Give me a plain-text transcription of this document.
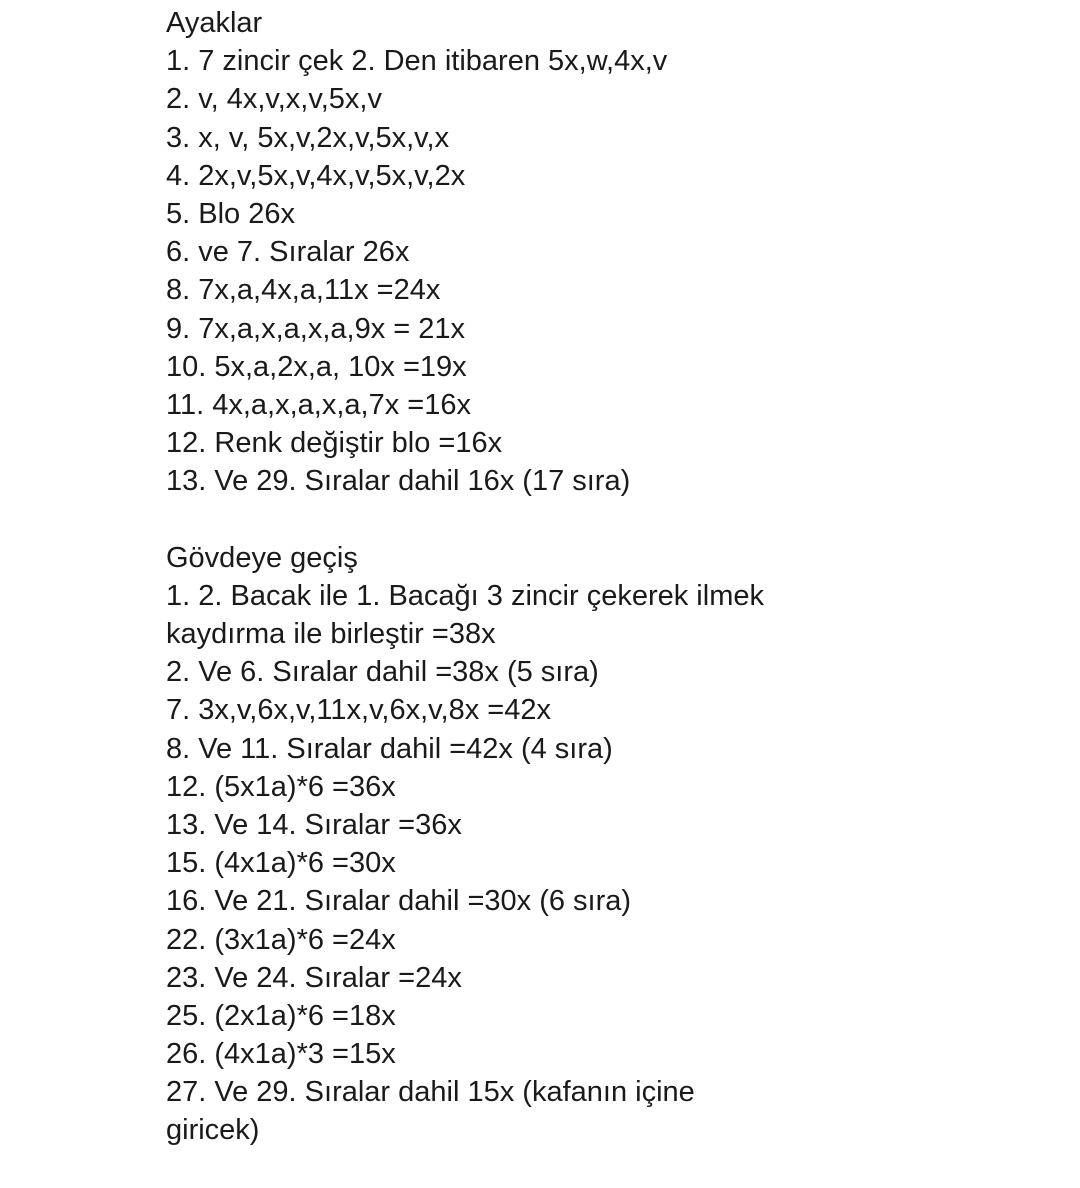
Ayaklar
1. 7 zincir çek 2. Den itibaren 5x,w,4x,v
2. v, 4x,v,x,v,5x,v
3. x, v, 5x,v,2x,v,5x,v,x
4. 2x,v,5x,v,4x,v,5x,v,2x
5. Blo 26x
6. ve 7. Sıralar 26x
8. 7x,a,4x,a,11x =24x
9. 7x,a,x,a,x,a,9x = 21x
10. 5x,a,2x,a, 10x =19x
11. 4x,a,x,a,x,a,7x =16x
12. Renk değiştir blo =16x
13. Ve 29. Sıralar dahil 16x (17 sıra)
Gövdeye geçiş
1. 2. Bacak ile 1. Bacağı 3 zincir çekerek ilmek
kaydırma ile birleştir =38x
2. Ve 6. Sıralar dahil =38x (5 sıra)
7. 3x,v,6x,v,11x,v,6x,v,8x =42x
8. Ve 11. Sıralar dahil =42x (4 sıra)
12. (5x1a)*6 =36x
13. Ve 14. Sıralar =36x
15. (4x1a)*6 =30x
16. Ve 21. Sıralar dahil =30x (6 sıra)
22. (3x1a)*6 =24x
23. Ve 24. Sıralar =24x
25. (2x1a)*6 =18x
26. (4x1a)*3 =15x
27. Ve 29. Sıralar dahil 15x (kafanın içine
giricek)
